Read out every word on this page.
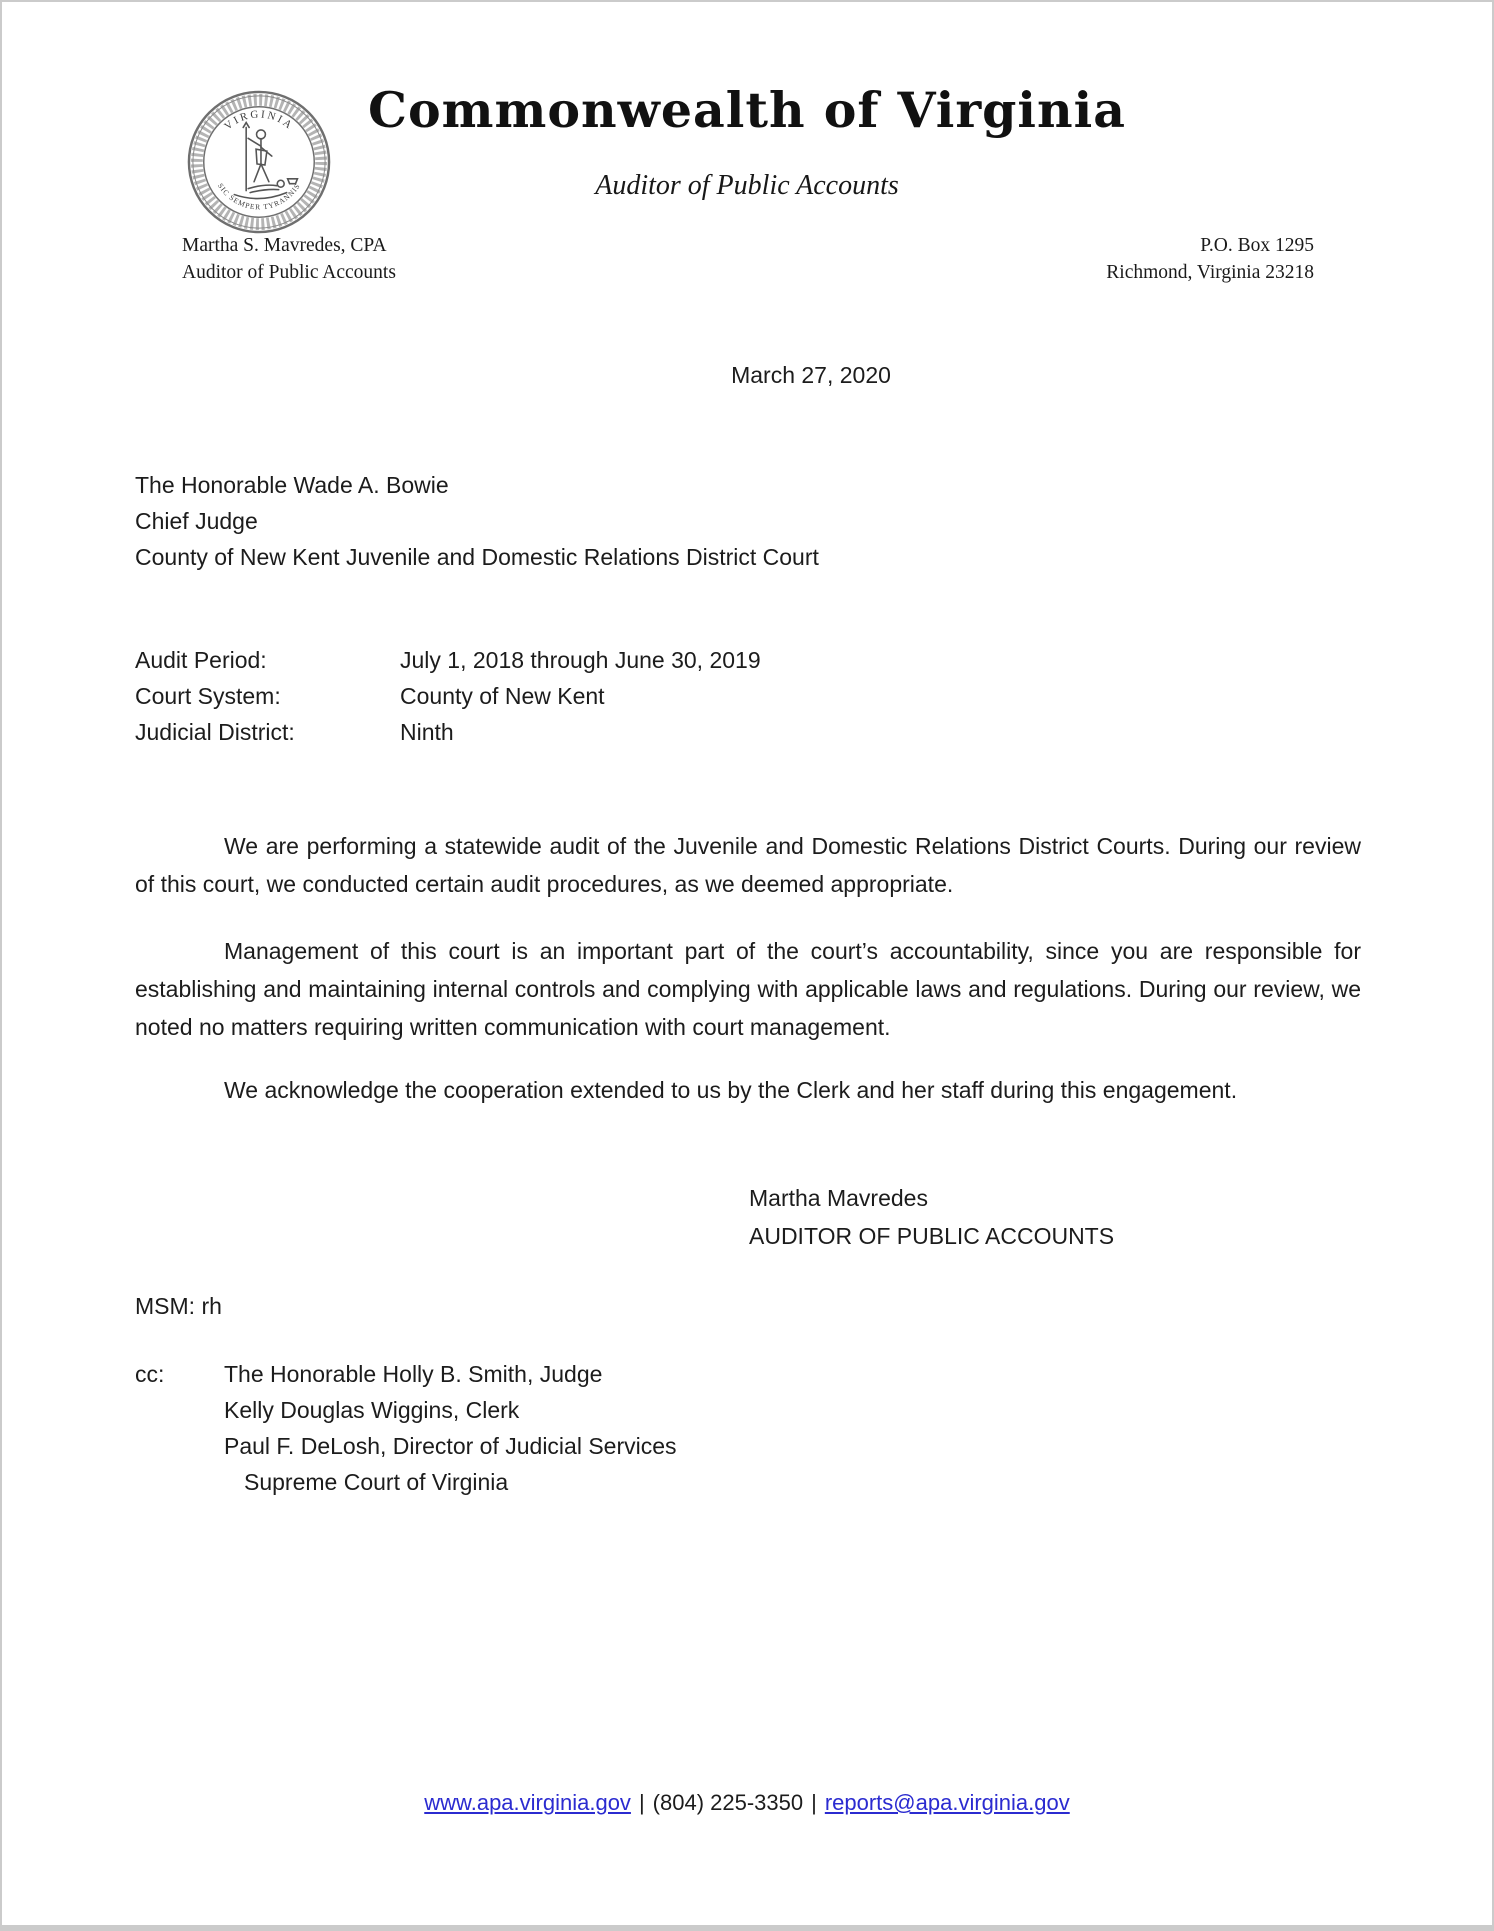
VIRGINIA
SIC SEMPER TYRANNIS
Commonwealth of Virginia
Auditor of Public Accounts
Martha S. Mavredes, CPA
Auditor of Public Accounts
P.O. Box 1295
Richmond, Virginia 23218
March 27, 2020
The Honorable Wade A. Bowie
Chief Judge
County of New Kent Juvenile and Domestic Relations District Court
Audit Period:	July 1, 2018 through June 30, 2019
Court System:	County of New Kent
Judicial District:	Ninth

We are performing a statewide audit of the Juvenile and Domestic Relations District Courts. During our review of this court, we conducted certain audit procedures, as we deemed appropriate.

Management of this court is an important part of the court’s accountability, since you are responsible for establishing and maintaining internal controls and complying with applicable laws and regulations. During our review, we noted no matters requiring written communication with court management.

We acknowledge the cooperation extended to us by the Clerk and her staff during this engagement.

Martha Mavredes
AUDITOR OF PUBLIC ACCOUNTS
MSM: rh
cc:	The Honorable Holly B. Smith, Judge
Kelly Douglas Wiggins, Clerk
Paul F. DeLosh, Director of Judicial Services
Supreme Court of Virginia
www.apa.virginia.gov | (804) 225-3350 | reports@apa.virginia.gov
